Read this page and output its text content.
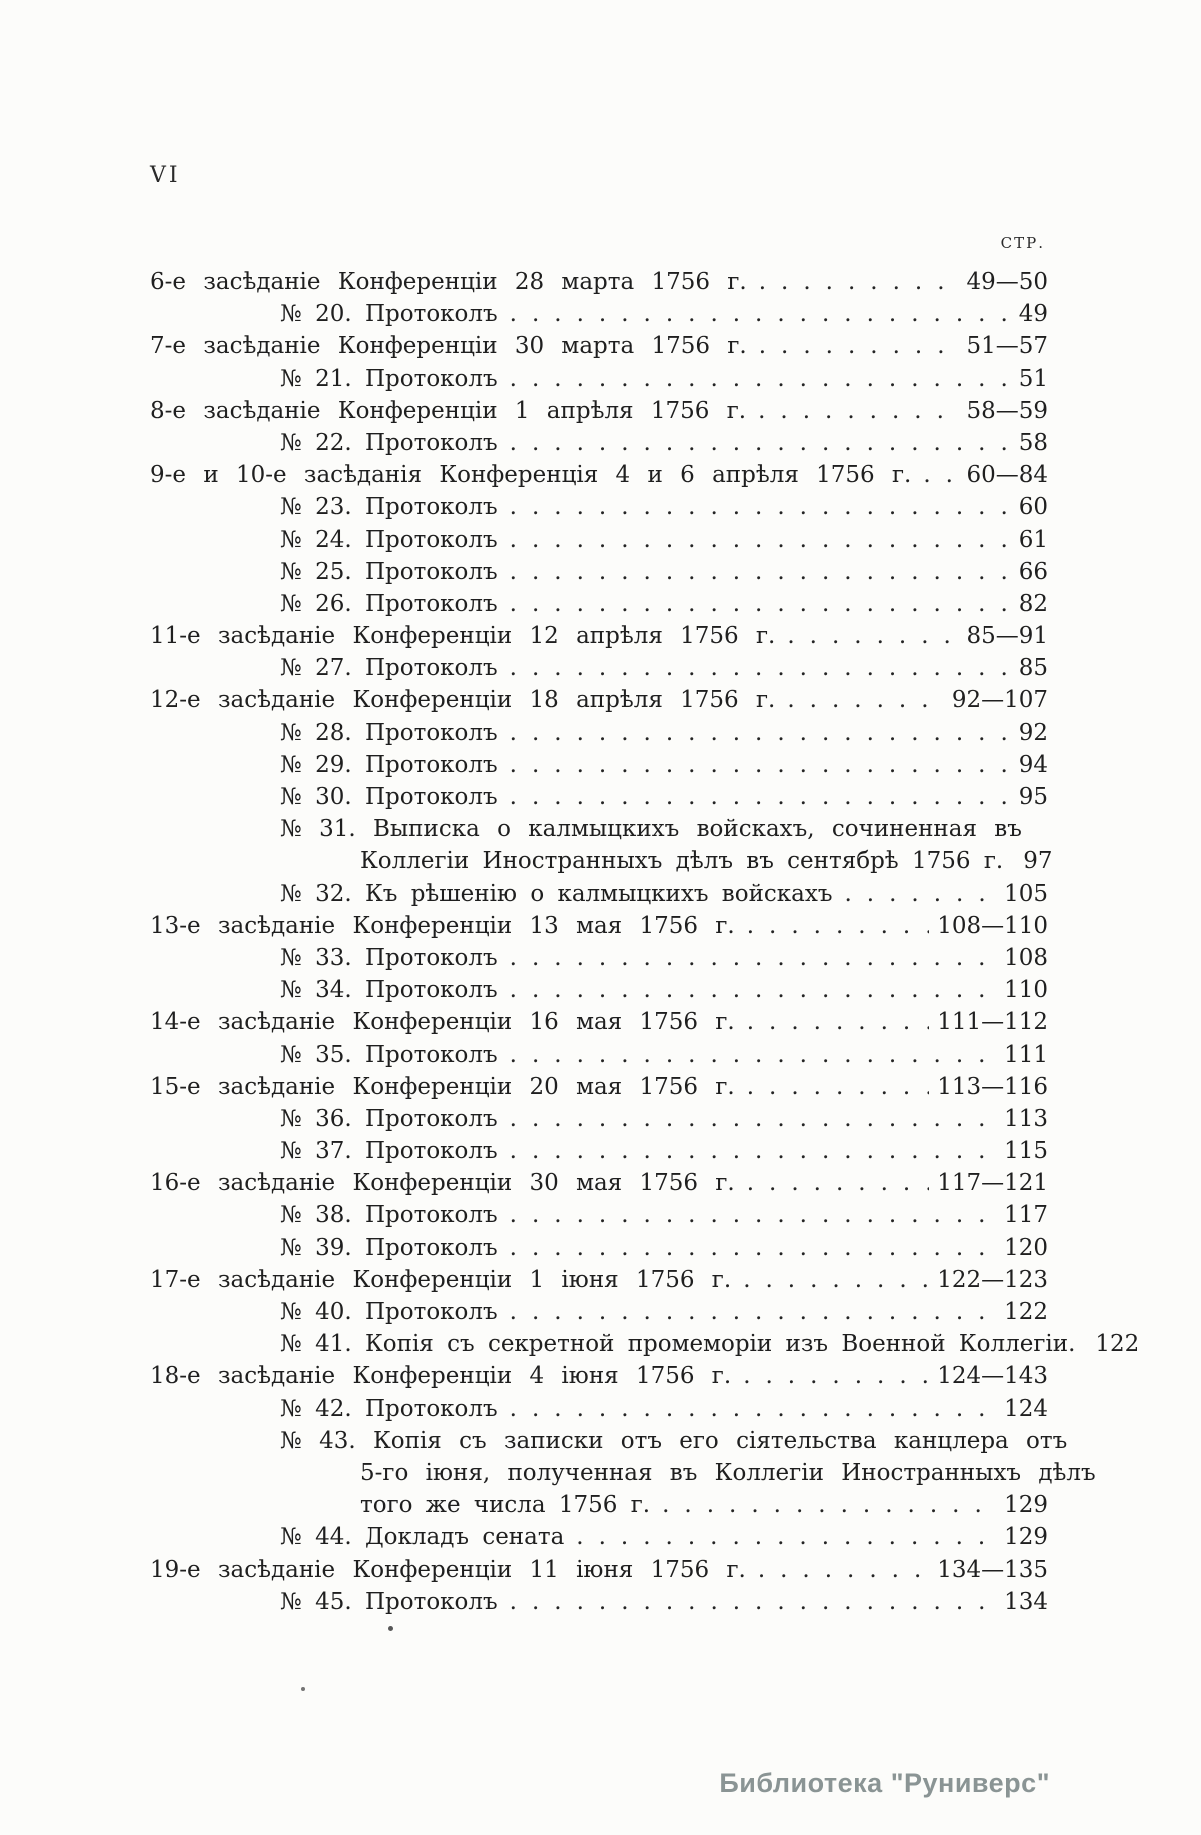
VI
СТР.
6-е засѣданіе Конференціи 28 марта 1756 г. .....	49—50
№ 20. Протоколъ .....	49
7-е засѣданіе Конференціи 30 марта 1756 г. .....	51—57
№ 21. Протоколъ .....	51
8-е засѣданіе Конференціи 1 апрѣля 1756 г. .....	58—59
№ 22. Протоколъ .....	58
9-е и 10-е засѣданія Конференція 4 и 6 апрѣля 1756 г. ..... 60—84
№ 23. Протоколъ .....	60
№ 24. Протоколъ .....	61
№ 25. Протоколъ .....	66
№ 26. Протоколъ .....	82
11-е засѣданіе Конференціи 12 апрѣля 1756 г. .....	85—91
№ 27. Протоколъ .....	85
12-е засѣданіе Конференціи 18 апрѣля 1756 г. .....	92—107
№ 28. Протоколъ .....	92
№ 29. Протоколъ .....	94
№ 30. Протоколъ .....	95
№ 31. Выписка о калмыцкихъ войскахъ, сочиненная въ
Коллегіи Иностранныхъ дѣлъ въ сентябрѣ 1756 г. 97
№ 32. Къ рѣшенію о калмыцкихъ войскахъ .....	105
13-е засѣданіе Конференціи 13 мая 1756 г. .....	108—110
№ 33. Протоколъ .....	108
№ 34. Протоколъ .....	110
14-е засѣданіе Конференціи 16 мая 1756 г. .....	111—112
№ 35. Протоколъ .....	111
15-е засѣданіе Конференціи 20 мая 1756 г. .....	113—116
№ 36. Протоколъ .....	113
№ 37. Протоколъ .....	115
16-е засѣданіе Конференціи 30 мая 1756 г. .....	117—121
№ 38. Протоколъ .....	117
№ 39. Протоколъ .....	120
17-е засѣданіе Конференціи 1 іюня 1756 г. .....	122—123
№ 40. Протоколъ .....	122
№ 41. Копія съ секретной промеморіи изъ Военной Коллегіи. 122
18-е засѣданіе Конференціи 4 іюня 1756 г. .....	124—143
№ 42. Протоколъ .....	124
№ 43. Копія съ записки отъ его сіятельства канцлера отъ
5-го іюня, полученная въ Коллегіи Иностранныхъ дѣлъ
того же числа 1756 г. .....	129
№ 44. Докладъ сената .....	129
19-е засѣданіе Конференціи 11 іюня 1756 г. .....	134—135
№ 45. Протоколъ .....	134
Библиотека "Руниверс"
